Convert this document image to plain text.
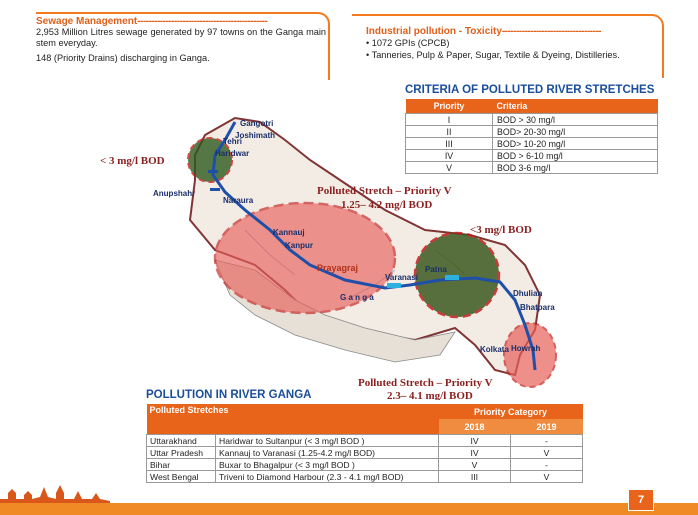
Sewage Management----------------------------------------------

2,953 Million Litres sewage generated by 97 towns on the Ganga main stem everyday.

148 (Priority Drains) discharging in Ganga.

Industrial pollution - Toxicity-----------------------------------
• 1072 GPIs (CPCB)
• Tanneries, Pulp & Paper, Sugar, Textile & Dyeing, Distilleries.
CRITERIA OF POLLUTED RIVER STRETCHES
Priority	Criteria
I	BOD > 30 mg/l
II	BOD> 20-30 mg/l
III	BOD> 10-20 mg/l
IV	BOD > 6-10 mg/l
V	BOD 3-6 mg/l
Gangotri
Joshimath
Tehri
Haridwar
Anupshahr
Naraura
Kannauj
Kanpur
Prayagraj
Varanasi
G a n g a
Patna
Dhulian
Bhatpara
Kolkata Howrah
< 3 mg/l BOD
<3 mg/l BOD
Polluted Stretch – Priority V
1.25– 4.2 mg/l BOD
Polluted Stretch – Priority V
2.3– 4.1 mg/l BOD
POLLUTION IN RIVER GANGA
Polluted Stretches		Priority Category	
		2018	2019
Uttarakhand	Haridwar to Sultanpur (< 3 mg/l BOD )	IV	-
Uttar Pradesh	Kannauj to Varanasi (1.25-4.2 mg/l BOD)	IV	V
Bihar	Buxar to Bhagalpur (< 3 mg/l BOD )	V	-
West Bengal	Triveni to Diamond Harbour (2.3 - 4.1 mg/l BOD)	III	V
7
